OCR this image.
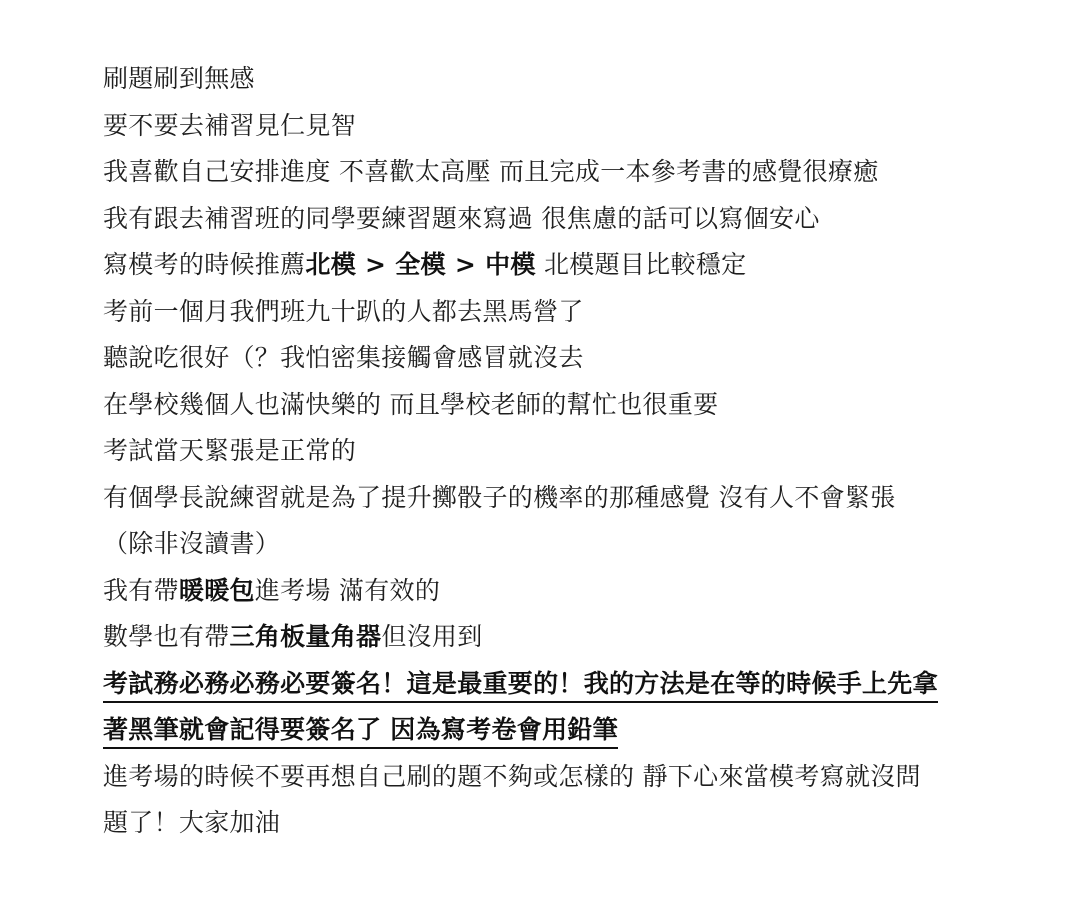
刷題刷到無感
要不要去補習見仁見智
我喜歡自己安排進度 不喜歡太高壓 而且完成一本參考書的感覺很療癒
我有跟去補習班的同學要練習題來寫過 很焦慮的話可以寫個安心
寫模考的時候推薦北模 > 全模 > 中模 北模題目比較穩定
考前一個月我們班九十趴的人都去黑馬營了
聽說吃很好（？我怕密集接觸會感冒就沒去
在學校幾個人也滿快樂的 而且學校老師的幫忙也很重要
考試當天緊張是正常的
有個學長說練習就是為了提升擲骰子的機率的那種感覺 沒有人不會緊張
（除非沒讀書）
我有帶暖暖包進考場 滿有效的
數學也有帶三角板量角器但沒用到
考試務必務必務必要簽名！這是最重要的！我的方法是在等的時候手上先拿
著黑筆就會記得要簽名了 因為寫考卷會用鉛筆
進考場的時候不要再想自己刷的題不夠或怎樣的 靜下心來當模考寫就沒問
題了！大家加油
